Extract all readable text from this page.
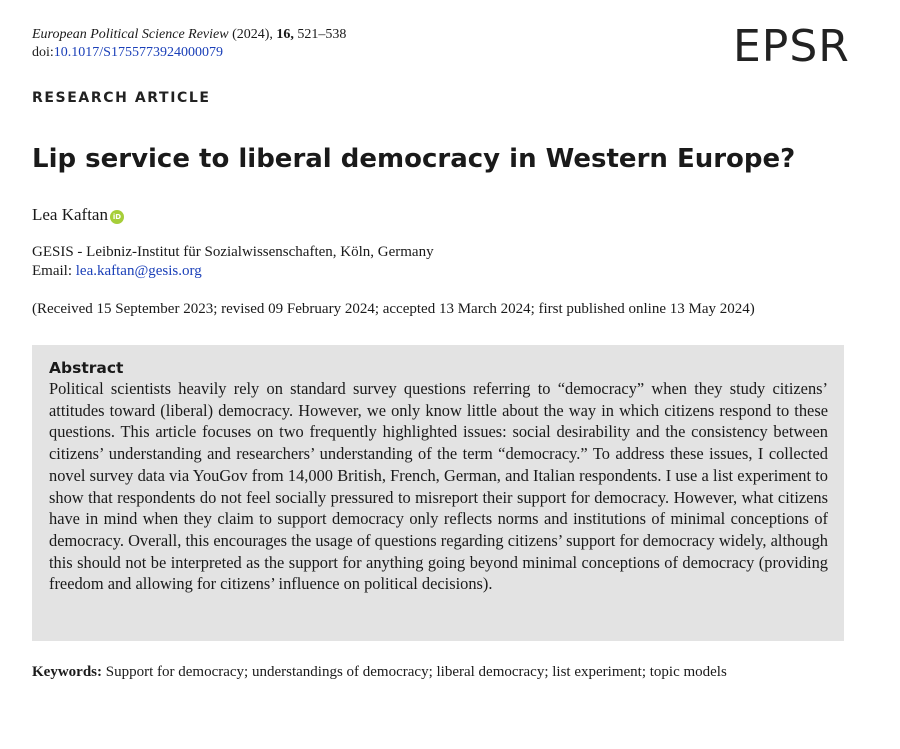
European Political Science Review (2024), 16, 521–538
doi:10.1017/S1755773924000079	EPSR
RESEARCH ARTICLE
Lip service to liberal democracy in Western Europe?
Lea Kaftan iD
GESIS - Leibniz-Institut für Sozialwissenschaften, Köln, Germany
Email: lea.kaftan@gesis.org
(Received 15 September 2023; revised 09 February 2024; accepted 13 March 2024; first published online 13 May 2024)
Abstract

Political scientists heavily rely on standard survey questions referring to “democracy” when they study citizens’ attitudes toward (liberal) democracy. However, we only know little about the way in which citizens respond to these questions. This article focuses on two frequently highlighted issues: social desirability and the consistency between citizens’ understanding and researchers’ understanding of the term “democracy.” To address these issues, I collected novel survey data via YouGov from 14,000 British, French, German, and Italian respondents. I use a list experiment to show that respondents do not feel socially pressured to misreport their support for democracy. However, what citizens have in mind when they claim to support democracy only reflects norms and institutions of minimal conceptions of democracy. Overall, this encourages the usage of questions regarding citizens’ support for democracy widely, although this should not be interpreted as the support for anything going beyond minimal conceptions of democracy (providing freedom and allowing for citizens’ influence on political decisions).

Keywords: Support for democracy; understandings of democracy; liberal democracy; list experiment; topic models
